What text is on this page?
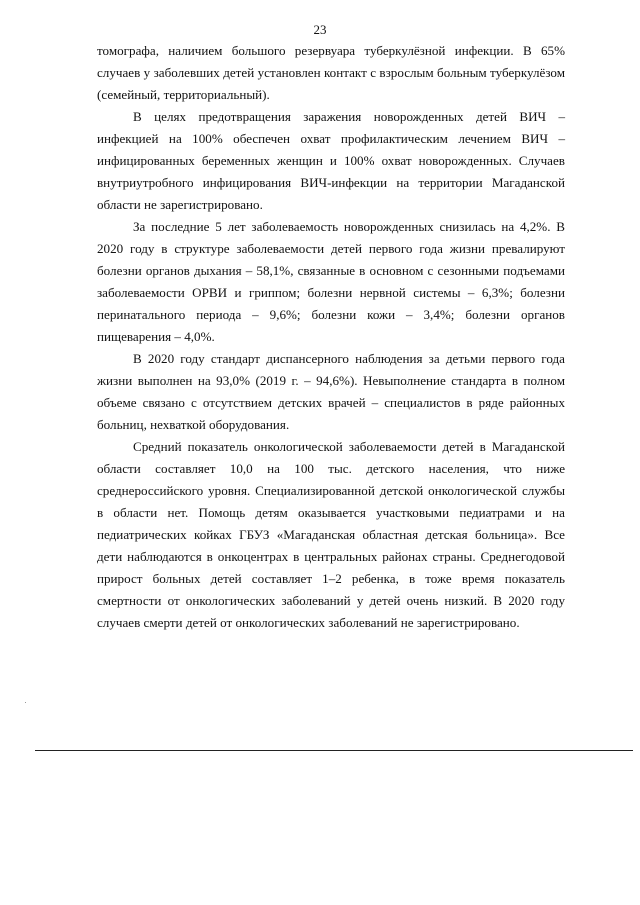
23

томографа, наличием большого резервуара туберкулёзной инфекции. В 65% случаев у заболевших детей установлен контакт с взрослым больным туберкулёзом (семейный, территориальный).

В целях предотвращения заражения новорожденных детей ВИЧ – инфекцией на 100% обеспечен охват профилактическим лечением ВИЧ – инфицированных беременных женщин и 100% охват новорожденных. Случаев внутриутробного инфицирования ВИЧ-инфекции на территории Магаданской области не зарегистрировано.

За последние 5 лет заболеваемость новорожденных снизилась на 4,2%. В 2020 году в структуре заболеваемости детей первого года жизни превалируют болезни органов дыхания – 58,1%, связанные в основном с сезонными подъемами заболеваемости ОРВИ и гриппом; болезни нервной системы – 6,3%; болезни перинатального периода – 9,6%; болезни кожи – 3,4%; болезни органов пищеварения – 4,0%.

В 2020 году стандарт диспансерного наблюдения за детьми первого года жизни выполнен на 93,0% (2019 г. – 94,6%). Невыполнение стандарта в полном объеме связано с отсутствием детских врачей – специалистов в ряде районных больниц, нехваткой оборудования.

Средний показатель онкологической заболеваемости детей в Магаданской области составляет 10,0 на 100 тыс. детского населения, что ниже среднероссийского уровня. Специализированной детской онкологической службы в области нет. Помощь детям оказывается участковыми педиатрами и на педиатрических койках ГБУЗ «Магаданская областная детская больница». Все дети наблюдаются в онкоцентрах в центральных районах страны. Среднегодовой прирост больных детей составляет 1–2 ребенка, в тоже время показатель смертности от онкологических заболеваний у детей очень низкий. В 2020 году случаев смерти детей от онкологических заболеваний не зарегистрировано.
